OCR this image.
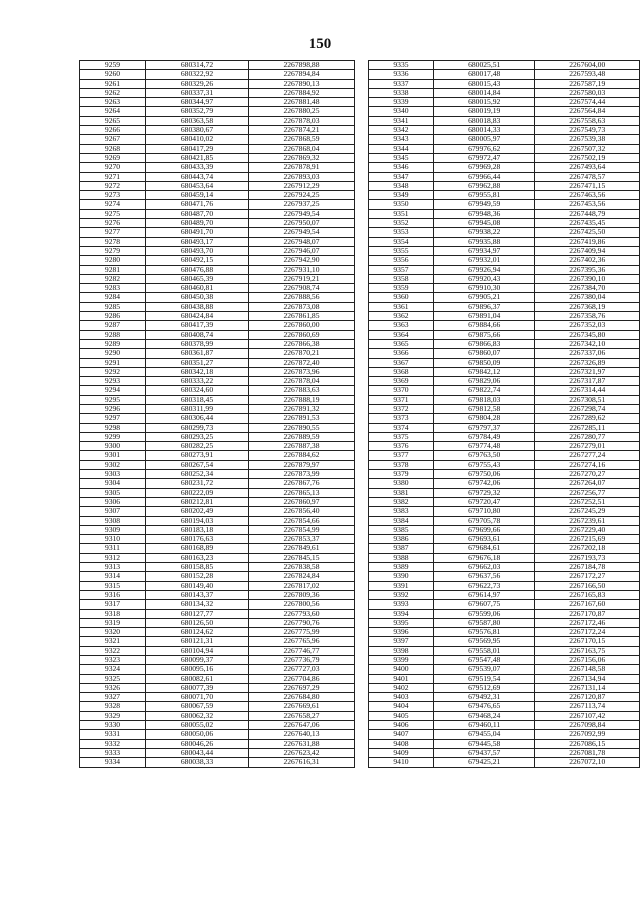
150
9259	680314,72	2267898,88
9260	680322,92	2267894,84
9261	680329,26	2267890,13
9262	680337,31	2267884,92
9263	680344,97	2267881,48
9264	680352,79	2267880,25
9265	680363,58	2267878,03
9266	680380,67	2267874,21
9267	680410,02	2267868,59
9268	680417,29	2267868,04
9269	680421,85	2267869,32
9270	680433,39	2267878,91
9271	680443,74	2267893,03
9272	680453,64	2267912,29
9273	680459,14	2267924,25
9274	680471,76	2267937,25
9275	680487,70	2267949,54
9276	680489,70	2267950,07
9277	680491,70	2267949,54
9278	680493,17	2267948,07
9279	680493,70	2267946,07
9280	680492,15	2267942,90
9281	680476,88	2267931,10
9282	680465,39	2267919,21
9283	680460,81	2267908,74
9284	680450,38	2267888,56
9285	680438,88	2267873,08
9286	680424,84	2267861,85
9287	680417,39	2267860,00
9288	680408,74	2267860,69
9289	680378,99	2267866,38
9290	680361,87	2267870,21
9291	680351,27	2267872,40
9292	680342,18	2267873,96
9293	680333,22	2267878,04
9294	680324,60	2267883,63
9295	680318,45	2267888,19
9296	680311,99	2267891,32
9297	680306,44	2267891,53
9298	680299,73	2267890,55
9299	680293,25	2267889,59
9300	680282,25	2267887,38
9301	680273,91	2267884,62
9302	680267,54	2267879,97
9303	680252,34	2267873,99
9304	680231,72	2267867,76
9305	680222,09	2267865,13
9306	680212,81	2267860,97
9307	680202,49	2267856,40
9308	680194,03	2267854,66
9309	680183,18	2267854,99
9310	680176,63	2267853,37
9311	680168,89	2267849,61
9312	680163,23	2267845,15
9313	680158,85	2267838,58
9314	680152,28	2267824,84
9315	680149,40	2267817,02
9316	680143,37	2267809,36
9317	680134,32	2267800,56
9318	680127,77	2267793,60
9319	680126,50	2267790,76
9320	680124,62	2267775,99
9321	680121,31	2267765,96
9322	680104,94	2267746,77
9323	680099,37	2267736,79
9324	680095,16	2267727,03
9325	680082,61	2267704,86
9326	680077,39	2267697,29
9327	680071,70	2267684,80
9328	680067,59	2267669,61
9329	680062,32	2267658,27
9330	680055,02	2267647,06
9331	680050,06	2267640,13
9332	680046,26	2267631,88
9333	680043,44	2267623,42
9334	680038,33	2267616,31
9335	680025,51	2267604,00
9336	680017,48	2267593,48
9337	680015,43	2267587,19
9338	680014,84	2267580,03
9339	680015,92	2267574,44
9340	680019,19	2267564,84
9341	680018,83	2267558,63
9342	680014,33	2267549,73
9343	680005,97	2267539,38
9344	679976,62	2267507,32
9345	679972,47	2267502,19
9346	679969,28	2267493,64
9347	679966,44	2267478,57
9348	679962,88	2267471,15
9349	679955,81	2267463,56
9350	679949,59	2267453,56
9351	679948,36	2267448,79
9352	679945,08	2267435,45
9353	679938,22	2267425,50
9354	679935,88	2267419,86
9355	679934,97	2267409,94
9356	679932,01	2267402,36
9357	679926,94	2267395,36
9358	679920,43	2267390,10
9359	679910,30	2267384,70
9360	679905,21	2267380,04
9361	679896,37	2267368,19
9362	679891,04	2267358,76
9363	679884,66	2267352,03
9364	679875,66	2267345,80
9365	679866,83	2267342,10
9366	679860,07	2267337,06
9367	679850,09	2267326,89
9368	679842,12	2267321,97
9369	679829,06	2267317,87
9370	679822,74	2267314,44
9371	679818,03	2267308,51
9372	679812,58	2267298,74
9373	679804,28	2267289,62
9374	679797,37	2267285,11
9375	679784,49	2267280,77
9376	679774,48	2267279,01
9377	679763,50	2267277,24
9378	679755,43	2267274,16
9379	679750,06	2267270,27
9380	679742,06	2267264,07
9381	679729,32	2267256,77
9382	679720,47	2267252,51
9383	679710,80	2267245,29
9384	679705,78	2267239,61
9385	679699,66	2267229,40
9386	679693,61	2267215,69
9387	679684,61	2267202,18
9388	679676,18	2267193,73
9389	679662,03	2267184,78
9390	679637,56	2267172,27
9391	679622,73	2267166,50
9392	679614,97	2267165,83
9393	679607,75	2267167,60
9394	679599,06	2267170,87
9395	679587,80	2267172,46
9396	679576,81	2267172,24
9397	679569,95	2267170,15
9398	679558,01	2267163,75
9399	679547,48	2267156,06
9400	679539,07	2267148,58
9401	679519,54	2267134,94
9402	679512,69	2267131,14
9403	679492,31	2267120,87
9404	679476,65	2267113,74
9405	679468,24	2267107,42
9406	679460,11	2267098,84
9407	679455,04	2267092,99
9408	679445,58	2267086,15
9409	679437,57	2267081,78
9410	679425,21	2267072,10
